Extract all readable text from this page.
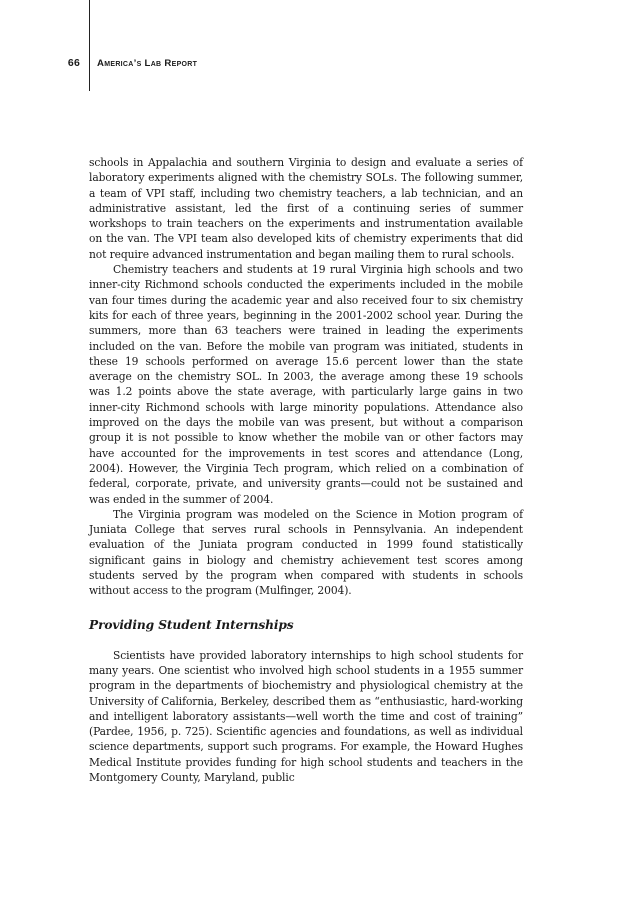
66 America’s Lab Report

schools in Appalachia and southern Virginia to design and evaluate a series of laboratory experiments aligned with the chemistry SOLs. The following summer, a team of VPI staff, including two chemistry teachers, a lab technician, and an administrative assistant, led the first of a continuing series of summer workshops to train teachers on the experiments and instrumentation available on the van. The VPI team also developed kits of chemistry experiments that did not require advanced instrumentation and began mailing them to rural schools.

Chemistry teachers and students at 19 rural Virginia high schools and two inner-city Richmond schools conducted the experiments included in the mobile van four times during the academic year and also received four to six chemistry kits for each of three years, beginning in the 2001-2002 school year. During the summers, more than 63 teachers were trained in leading the experiments included on the van. Before the mobile van program was initiated, students in these 19 schools performed on average 15.6 percent lower than the state average on the chemistry SOL. In 2003, the average among these 19 schools was 1.2 points above the state average, with particularly large gains in two inner-city Richmond schools with large minority populations. Attendance also improved on the days the mobile van was present, but without a comparison group it is not possible to know whether the mobile van or other factors may have accounted for the improvements in test scores and attendance (Long, 2004). However, the Virginia Tech program, which relied on a combination of federal, corporate, private, and university grants—could not be sustained and was ended in the summer of 2004.

The Virginia program was modeled on the Science in Motion program of Juniata College that serves rural schools in Pennsylvania. An independent evaluation of the Juniata program conducted in 1999 found statistically significant gains in biology and chemistry achievement test scores among students served by the program when compared with students in schools without access to the program (Mulfinger, 2004).

Providing Student Internships

Scientists have provided laboratory internships to high school students for many years. One scientist who involved high school students in a 1955 summer program in the departments of biochemistry and physiological chemistry at the University of California, Berkeley, described them as “enthusiastic, hard-working and intelligent laboratory assistants—well worth the time and cost of training” (Pardee, 1956, p. 725). Scientific agencies and foundations, as well as individual science departments, support such programs. For example, the Howard Hughes Medical Institute provides funding for high school students and teachers in the Montgomery County, Maryland, public
